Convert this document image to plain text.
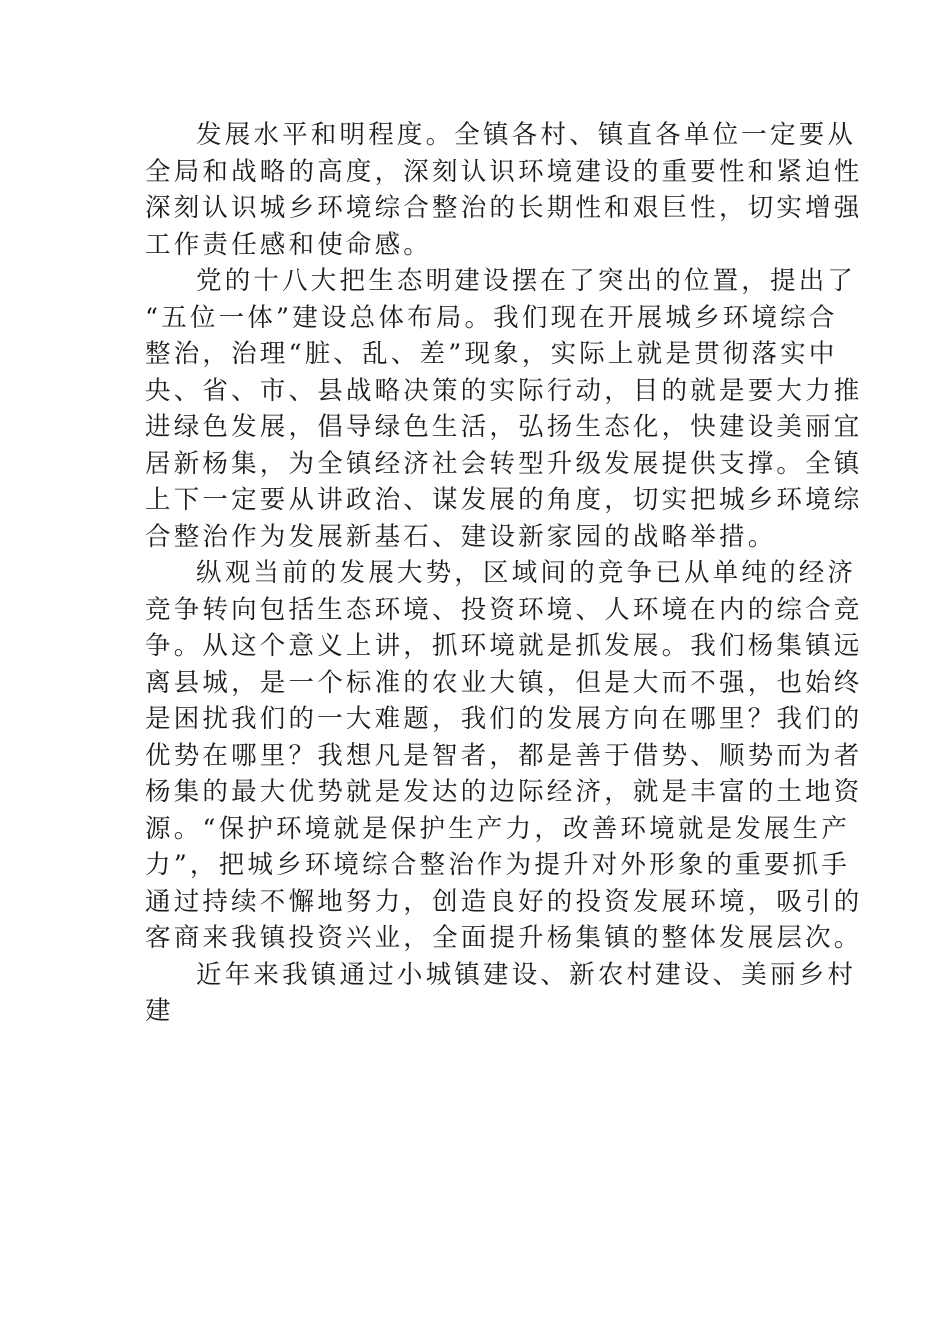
发展水平和明程度。全镇各村、镇直各单位一定要从
全局和战略的高度，深刻认识环境建设的重要性和紧迫性
深刻认识城乡环境综合整治的长期性和艰巨性，切实增强
工作责任感和使命感。
党的十八大把生态明建设摆在了突出的位置，提出了
“五位一体”建设总体布局。我们现在开展城乡环境综合
整治，治理“脏、乱、差”现象，实际上就是贯彻落实中
央、省、市、县战略决策的实际行动，目的就是要大力推
进绿色发展，倡导绿色生活，弘扬生态化，快建设美丽宜
居新杨集，为全镇经济社会转型升级发展提供支撑。全镇
上下一定要从讲政治、谋发展的角度，切实把城乡环境综
合整治作为发展新基石、建设新家园的战略举措。
纵观当前的发展大势，区域间的竞争已从单纯的经济
竞争转向包括生态环境、投资环境、人环境在内的综合竞
争。从这个意义上讲，抓环境就是抓发展。我们杨集镇远
离县城，是一个标准的农业大镇，但是大而不强，也始终
是困扰我们的一大难题，我们的发展方向在哪里？我们的
优势在哪里？我想凡是智者，都是善于借势、顺势而为者
杨集的最大优势就是发达的边际经济，就是丰富的土地资
源。“保护环境就是保护生产力，改善环境就是发展生产
力”，把城乡环境综合整治作为提升对外形象的重要抓手
通过持续不懈地努力，创造良好的投资发展环境，吸引的
客商来我镇投资兴业，全面提升杨集镇的整体发展层次。
近年来我镇通过小城镇建设、新农村建设、美丽乡村
建
